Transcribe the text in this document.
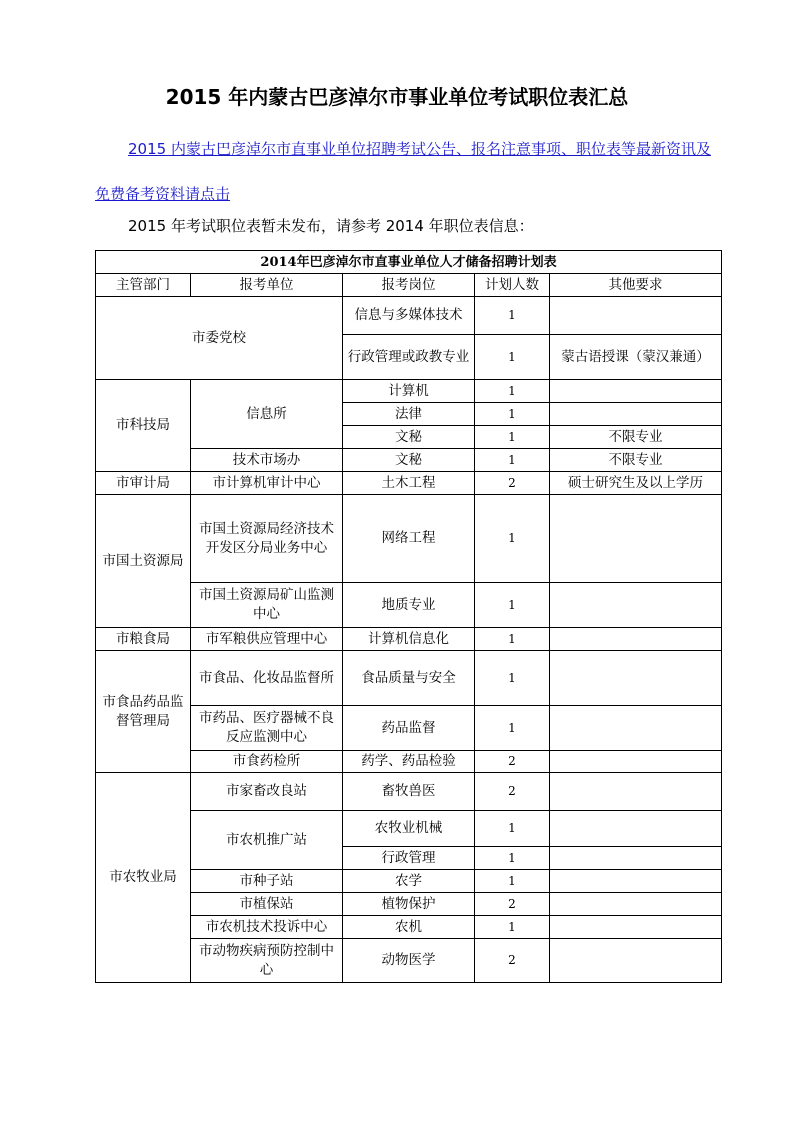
2015 年内蒙古巴彦淖尔市事业单位考试职位表汇总
2015 内蒙古巴彦淖尔市直事业单位招聘考试公告、报名注意事项、职位表等最新资讯及免费备考资料请点击

2015 年考试职位表暂未发布，请参考 2014 年职位表信息：

2014年巴彦淖尔市直事业单位人才储备招聘计划表				
主管部门	报考单位	报考岗位	计划人数	其他要求
市委党校		信息与多媒体技术	1	
		行政管理或政教专业	1	蒙古语授课（蒙汉兼通）
市科技局	信息所	计算机	1	
		法律	1	
		文秘	1	不限专业
	技术市场办	文秘	1	不限专业
市审计局	市计算机审计中心	土木工程	2	硕士研究生及以上学历
市国土资源局	市国土资源局经济技术开发区分局业务中心	网络工程	1	
	市国土资源局矿山监测中心	地质专业	1	
市粮食局	市军粮供应管理中心	计算机信息化	1	
市食品药品监督管理局	市食品、化妆品监督所	食品质量与安全	1	
	市药品、医疗器械不良反应监测中心	药品监督	1	
	市食药检所	药学、药品检验	2	
市农牧业局	市家畜改良站	畜牧兽医	2	
	市农机推广站	农牧业机械	1	
		行政管理	1	
	市种子站	农学	1	
	市植保站	植物保护	2	
	市农机技术投诉中心	农机	1	
	市动物疾病预防控制中心	动物医学	2	
